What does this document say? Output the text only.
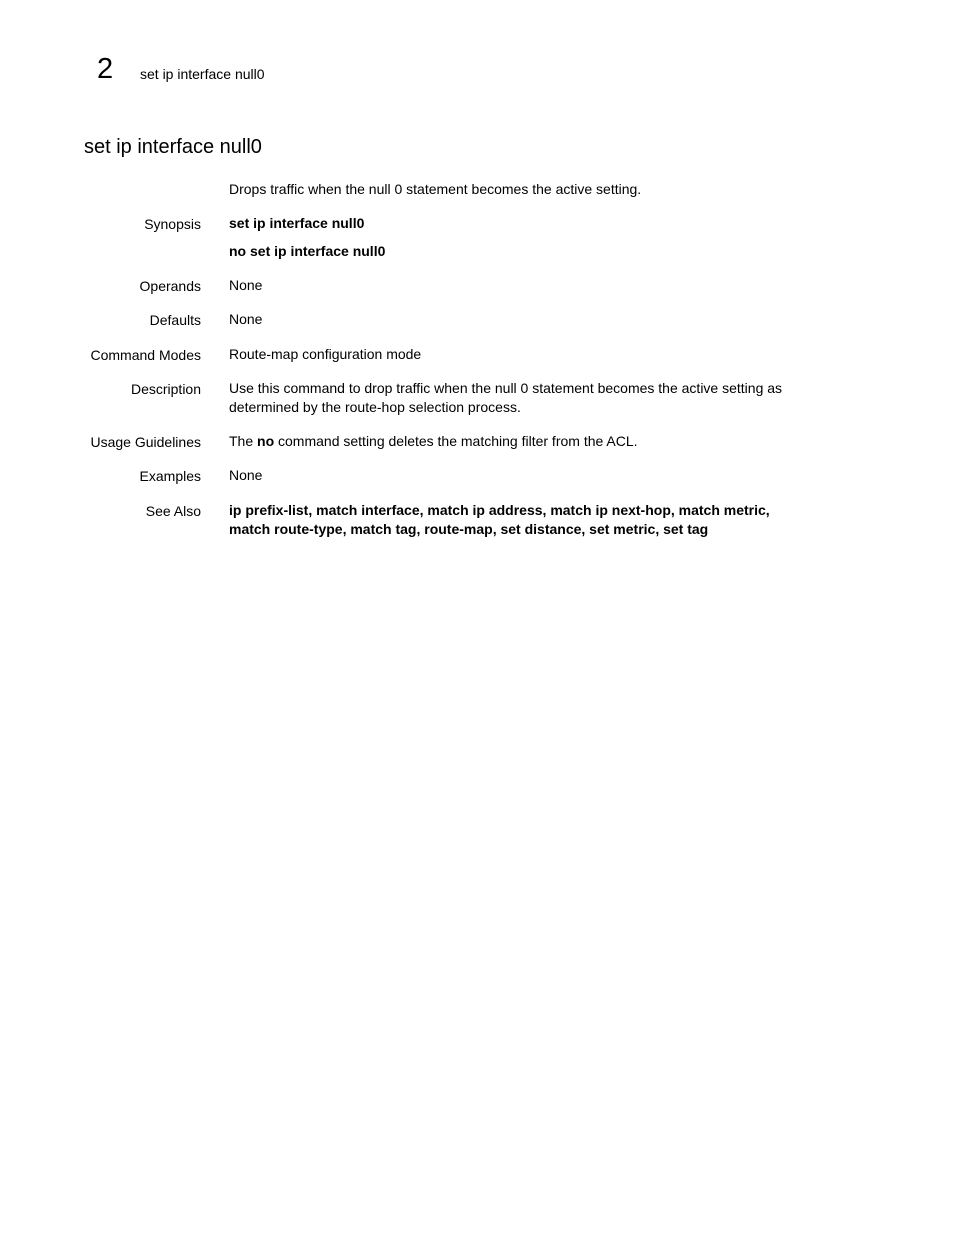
2 set ip interface null0
set ip interface null0
Drops traffic when the null 0 statement becomes the active setting.
Synopsis set ip interface null0
no set ip interface null0
Operands None
Defaults None
Command Modes Route-map configuration mode
Description Use this command to drop traffic when the null 0 statement becomes the active setting as
determined by the route-hop selection process.
Usage Guidelines The no command setting deletes the matching filter from the ACL.
Examples None
See Also ip prefix-list, match interface, match ip address, match ip next-hop, match metric,
match route-type, match tag, route-map, set distance, set metric, set tag
